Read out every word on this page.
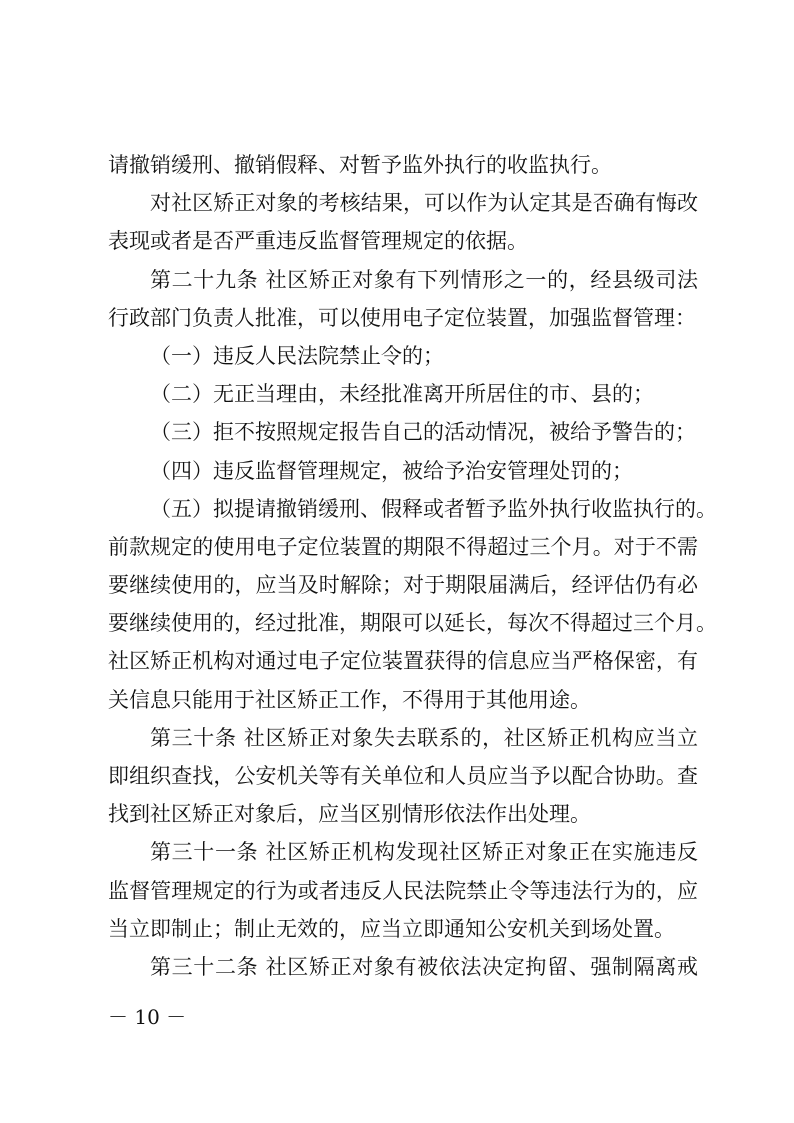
请撤销缓刑、撤销假释、对暂予监外执行的收监执行。
对社区矫正对象的考核结果，可以作为认定其是否确有悔改
表现或者是否严重违反监督管理规定的依据。
第二十九条 社区矫正对象有下列情形之一的，经县级司法
行政部门负责人批准，可以使用电子定位装置，加强监督管理：
（一）违反人民法院禁止令的；
（二）无正当理由，未经批准离开所居住的市、县的；
（三）拒不按照规定报告自己的活动情况，被给予警告的；
（四）违反监督管理规定，被给予治安管理处罚的；
（五）拟提请撤销缓刑、假释或者暂予监外执行收监执行的。
前款规定的使用电子定位装置的期限不得超过三个月。对于不需
要继续使用的，应当及时解除；对于期限届满后，经评估仍有必
要继续使用的，经过批准，期限可以延长，每次不得超过三个月。
社区矫正机构对通过电子定位装置获得的信息应当严格保密，有
关信息只能用于社区矫正工作，不得用于其他用途。
第三十条 社区矫正对象失去联系的，社区矫正机构应当立
即组织查找，公安机关等有关单位和人员应当予以配合协助。查
找到社区矫正对象后，应当区别情形依法作出处理。
第三十一条 社区矫正机构发现社区矫正对象正在实施违反
监督管理规定的行为或者违反人民法院禁止令等违法行为的，应
当立即制止；制止无效的，应当立即通知公安机关到场处置。
第三十二条 社区矫正对象有被依法决定拘留、强制隔离戒
－ 10 －
